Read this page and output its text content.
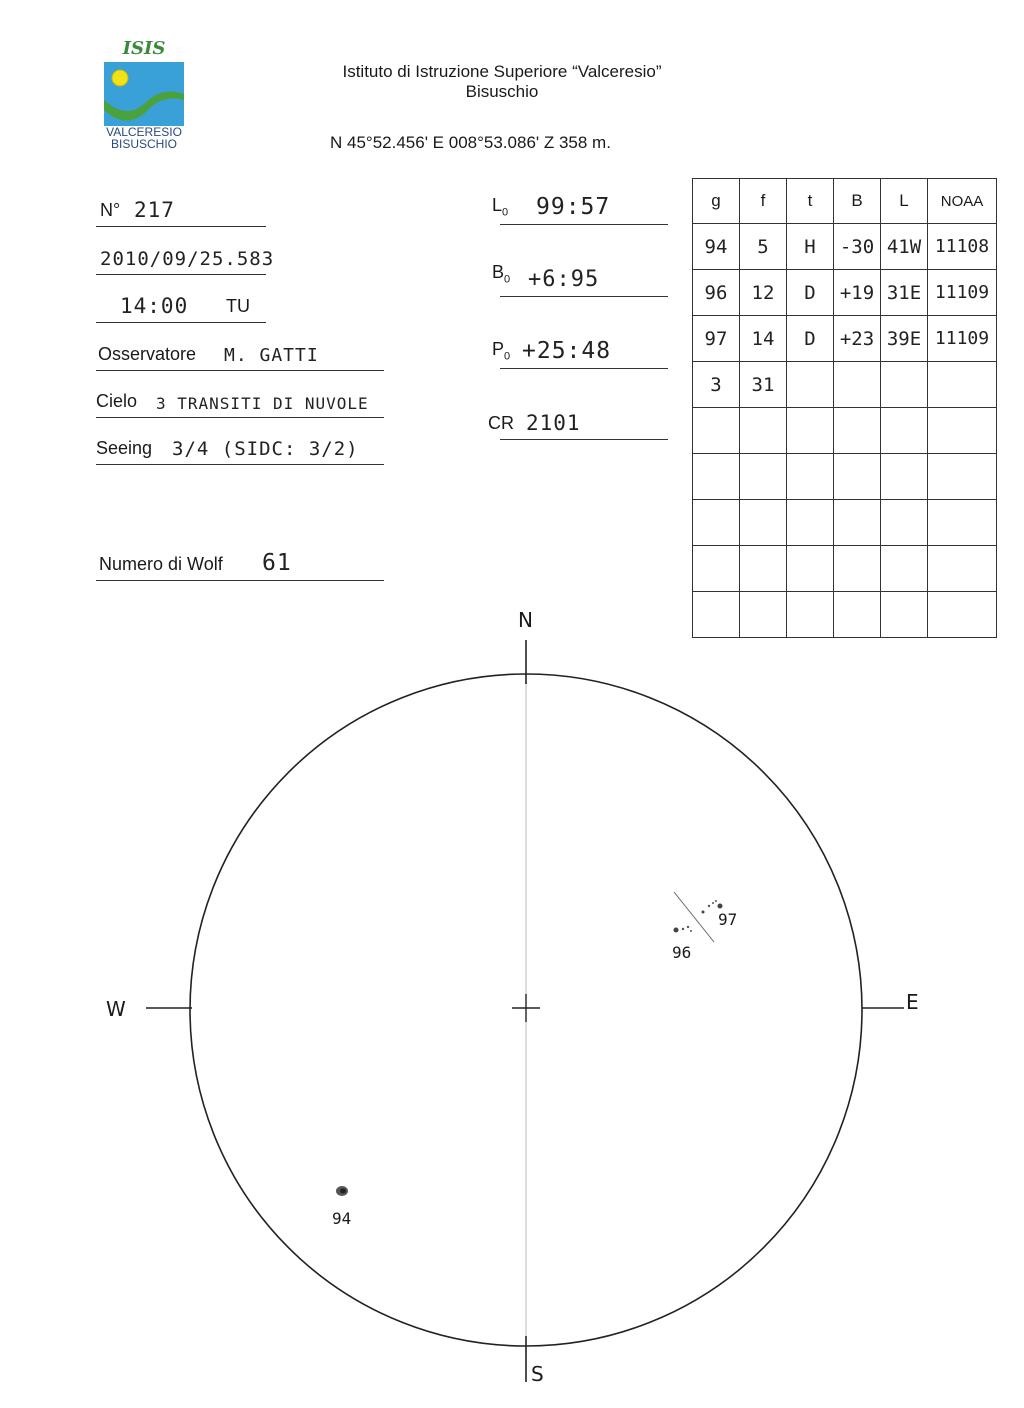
ISIS
VALCERESIO
BISUSCHIO
Istituto di Istruzione Superiore “Valceresio”
Bisuschio
N 45°52.456' E 008°53.086' Z 358 m.
N° 217
2010/09/25.583
14:00 TU
Osservatore M. GATTI
Cielo 3 TRANSITI DI NUVOLE
Seeing 3/4 (SIDC: 3/2)
Numero di Wolf 61
$L_0$ 99:57
$B_0$ +6:95
$P_0$ +25:48
CR 2101
g	f	t	B	L	NOAA
94	5	H	-30	41W	11108
96	12	D	+19	31E	11109
97	14	D	+23	39E	11109
3	31				

N
S
W	E
94
96
97
